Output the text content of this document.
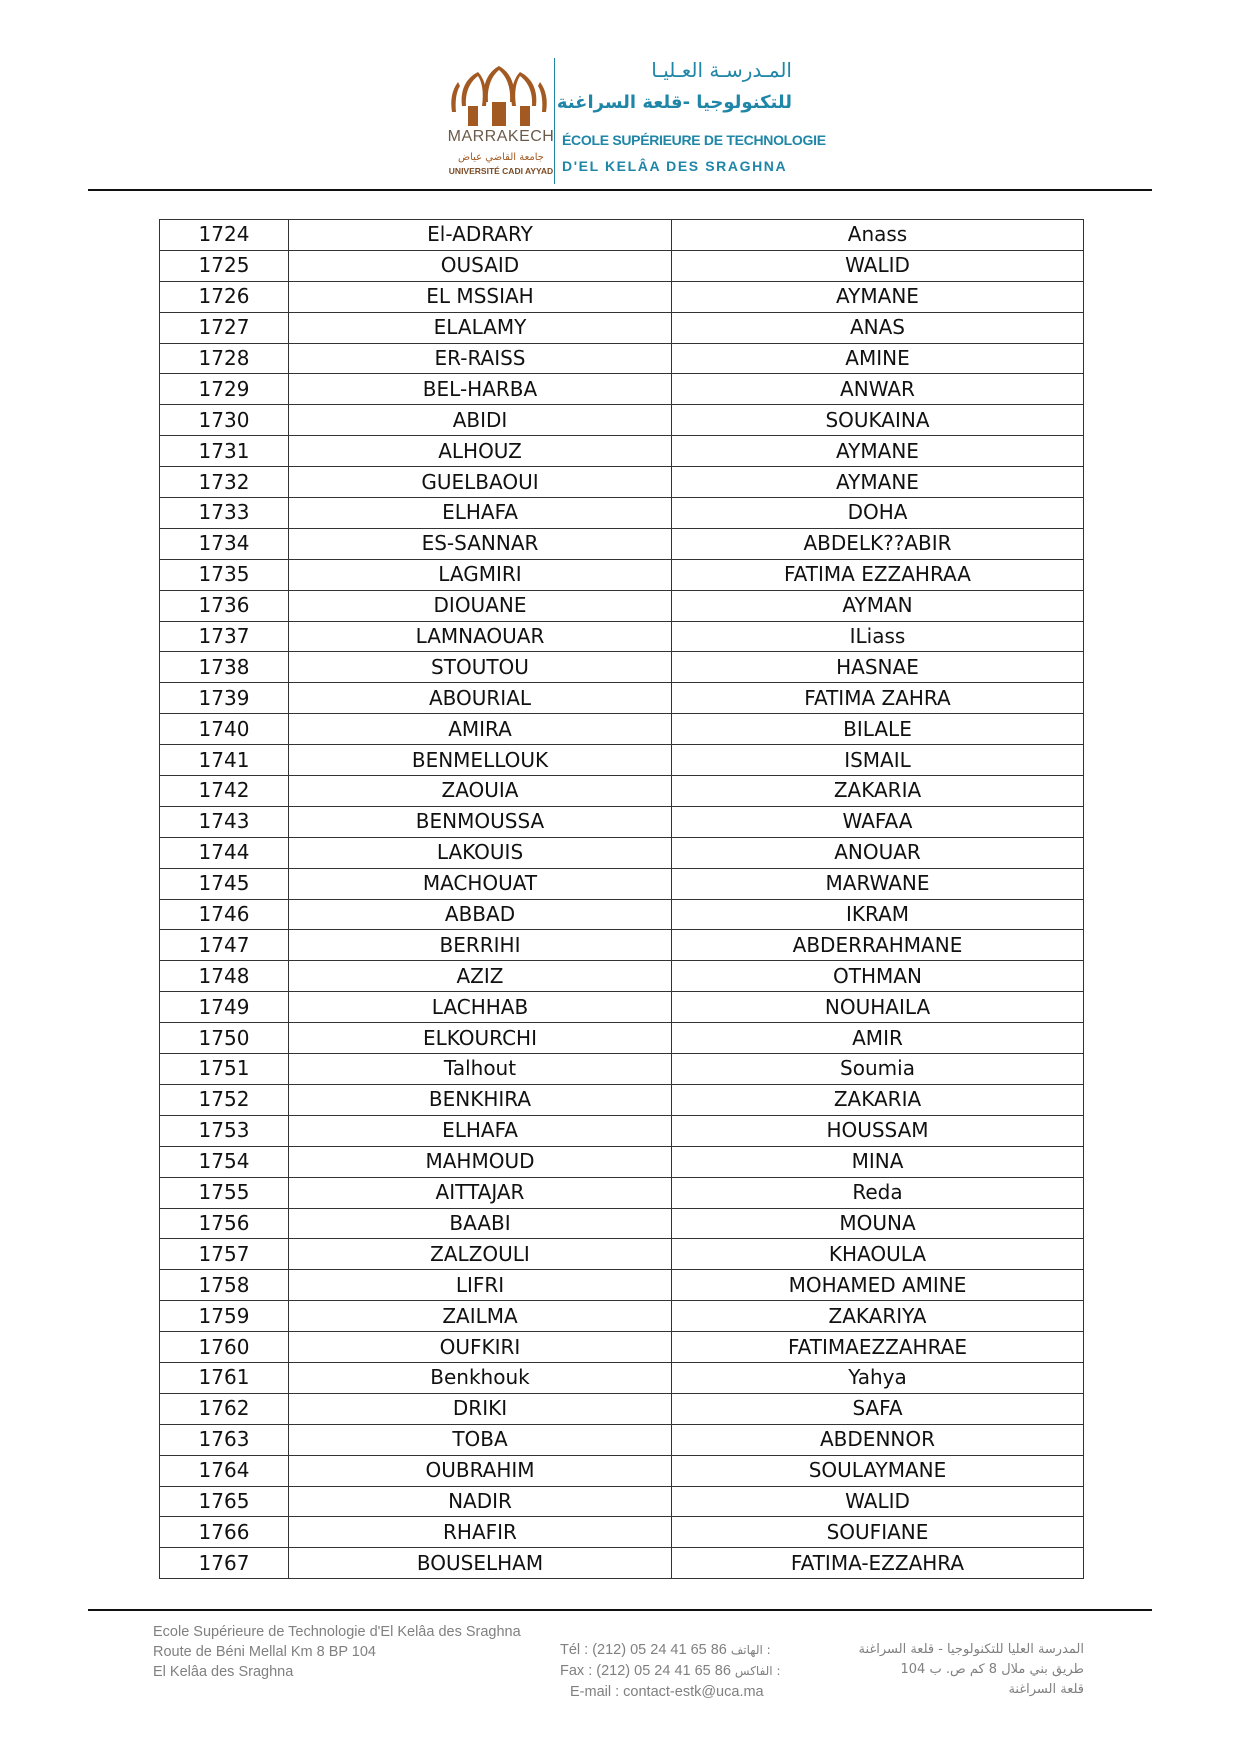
MARRAKECH
جامعة القاضي عياض
UNIVERSITÉ CADI AYYAD
المـدرسـة العـليـا
للتكنولوجيا -قلعة السراغنة
ÉCOLE SUPÉRIEURE DE TECHNOLOGIE
D'EL KELÂA DES SRAGHNA
1724	El-ADRARY	Anass
1725	OUSAID	WALID
1726	EL MSSIAH	AYMANE
1727	ELALAMY	ANAS
1728	ER-RAISS	AMINE
1729	BEL-HARBA	ANWAR
1730	ABIDI	SOUKAINA
1731	ALHOUZ	AYMANE
1732	GUELBAOUI	AYMANE
1733	ELHAFA	DOHA
1734	ES-SANNAR	ABDELK??ABIR
1735	LAGMIRI	FATIMA EZZAHRAA
1736	DIOUANE	AYMAN
1737	LAMNAOUAR	ILiass
1738	STOUTOU	HASNAE
1739	ABOURIAL	FATIMA ZAHRA
1740	AMIRA	BILALE
1741	BENMELLOUK	ISMAIL
1742	ZAOUIA	ZAKARIA
1743	BENMOUSSA	WAFAA
1744	LAKOUIS	ANOUAR
1745	MACHOUAT	MARWANE
1746	ABBAD	IKRAM
1747	BERRIHI	ABDERRAHMANE
1748	AZIZ	OTHMAN
1749	LACHHAB	NOUHAILA
1750	ELKOURCHI	AMIR
1751	Talhout	Soumia
1752	BENKHIRA	ZAKARIA
1753	ELHAFA	HOUSSAM
1754	MAHMOUD	MINA
1755	AITTAJAR	Reda
1756	BAABI	MOUNA
1757	ZALZOULI	KHAOULA
1758	LIFRI	MOHAMED AMINE
1759	ZAILMA	ZAKARIYA
1760	OUFKIRI	FATIMAEZZAHRAE
1761	Benkhouk	Yahya
1762	DRIKI	SAFA
1763	TOBA	ABDENNOR
1764	OUBRAHIM	SOULAYMANE
1765	NADIR	WALID
1766	RHAFIR	SOUFIANE
1767	BOUSELHAM	FATIMA-EZZAHRA
Ecole Supérieure de Technologie d'El Kelâa des Sraghna
Route de Béni Mellal Km 8 BP 104
El Kelâa des Sraghna
Tél : (212) 05 24 41 65 86 : الهاتف
Fax : (212) 05 24 41 65 86 : الفاكس
E-mail : contact-estk@uca.ma
المدرسة العليا للتكنولوجيا - قلعة السراغنة
طريق بني ملال 8 كم ص. ب 104
قلعة السراغنة
